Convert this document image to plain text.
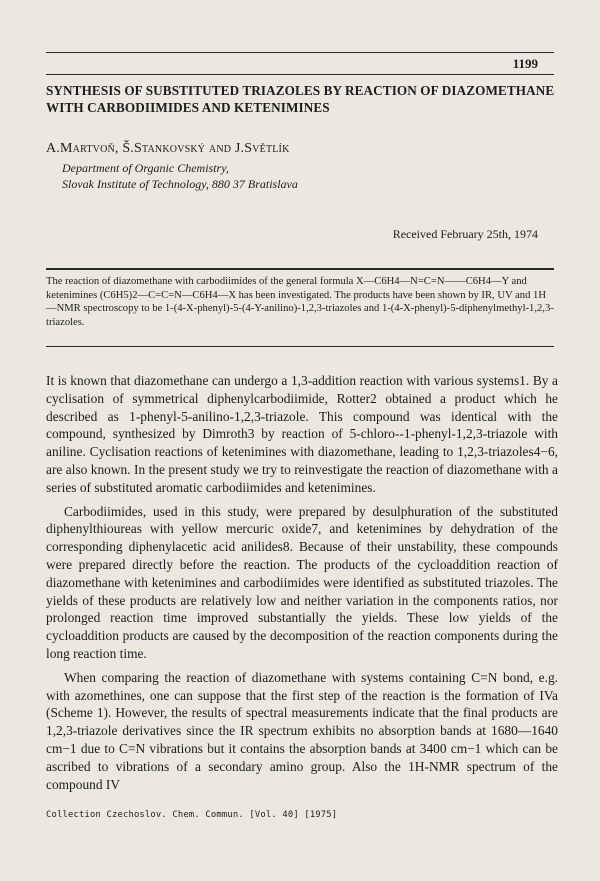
1199
SYNTHESIS OF SUBSTITUTED TRIAZOLES BY REACTION OF DIAZOMETHANE WITH CARBODIIMIDES AND KETENIMINES
A.Martvoň, Š.Stankovský and J.Světlík
Department of Organic Chemistry,
Slovak Institute of Technology, 880 37 Bratislava
Received February 25th, 1974

The reaction of diazomethane with carbodiimides of the general formula X—C6H4—N=C=N——C6H4—Y and ketenimines (C6H5)2—C=C=N—C6H4—X has been investigated. The products have been shown by IR, UV and 1H—NMR spectroscopy to be 1-(4-X-phenyl)-5-(4-Y-anilino)-1,2,3-triazoles and 1-(4-X-phenyl)-5-diphenylmethyl-1,2,3-triazoles.

It is known that diazomethane can undergo a 1,3-addition reaction with various systems1. By a cyclisation of symmetrical diphenylcarbodiimide, Rotter2 obtained a product which he described as 1-phenyl-5-anilino-1,2,3-triazole. This compound was identical with the compound, synthesized by Dimroth3 by reaction of 5-chloro--1-phenyl-1,2,3-triazole with aniline. Cyclisation reactions of ketenimines with diazomethane, leading to 1,2,3-triazoles4−6, are also known. In the present study we try to reinvestigate the reaction of diazomethane with a series of substituted aromatic carbodiimides and ketenimines.

Carbodiimides, used in this study, were prepared by desulphuration of the substituted diphenylthioureas with yellow mercuric oxide7, and ketenimines by dehydration of the corresponding diphenylacetic acid anilides8. Because of their unstability, these compounds were prepared directly before the reaction. The products of the cycloaddition reaction of diazomethane with ketenimines and carbodiimides were identified as substituted triazoles. The yields of these products are relatively low and neither variation in the components ratios, nor prolonged reaction time improved substantially the yields. These low yields of the cycloaddition products are caused by the decomposition of the reaction components during the long reaction time.

When comparing the reaction of diazomethane with systems containing C=N bond, e.g. with azomethines, one can suppose that the first step of the reaction is the formation of IVa (Scheme 1). However, the results of spectral measurements indicate that the final products are 1,2,3-triazole derivatives since the IR spectrum exhibits no absorption bands at 1680—1640 cm−1 due to C=N vibrations but it contains the absorption bands at 3400 cm−1 which can be ascribed to vibrations of a secondary amino group. Also the 1H-NMR spectrum of the compound IV

Collection Czechoslov. Chem. Commun. [Vol. 40] [1975]
